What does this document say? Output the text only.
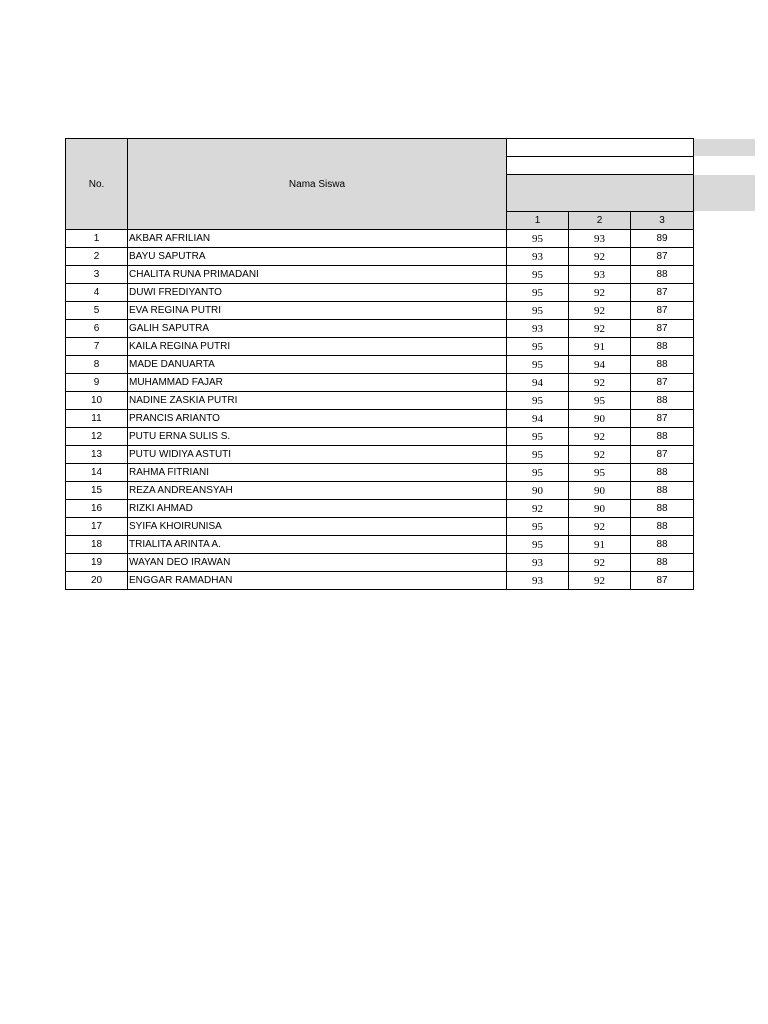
No.	Nama Siswa			

		1	2	3
1	AKBAR AFRILIAN	95	93	89
2	BAYU SAPUTRA	93	92	87
3	CHALITA RUNA PRIMADANI	95	93	88
4	DUWI FREDIYANTO	95	92	87
5	EVA REGINA PUTRI	95	92	87
6	GALIH SAPUTRA	93	92	87
7	KAILA REGINA PUTRI	95	91	88
8	MADE DANUARTA	95	94	88
9	MUHAMMAD FAJAR	94	92	87
10	NADINE ZASKIA PUTRI	95	95	88
11	PRANCIS ARIANTO	94	90	87
12	PUTU ERNA SULIS S.	95	92	88
13	PUTU WIDIYA ASTUTI	95	92	87
14	RAHMA FITRIANI	95	95	88
15	REZA ANDREANSYAH	90	90	88
16	RIZKI AHMAD	92	90	88
17	SYIFA KHOIRUNISA	95	92	88
18	TRIALITA ARINTA A.	95	91	88
19	WAYAN DEO IRAWAN	93	92	88
20	ENGGAR RAMADHAN	93	92	87
